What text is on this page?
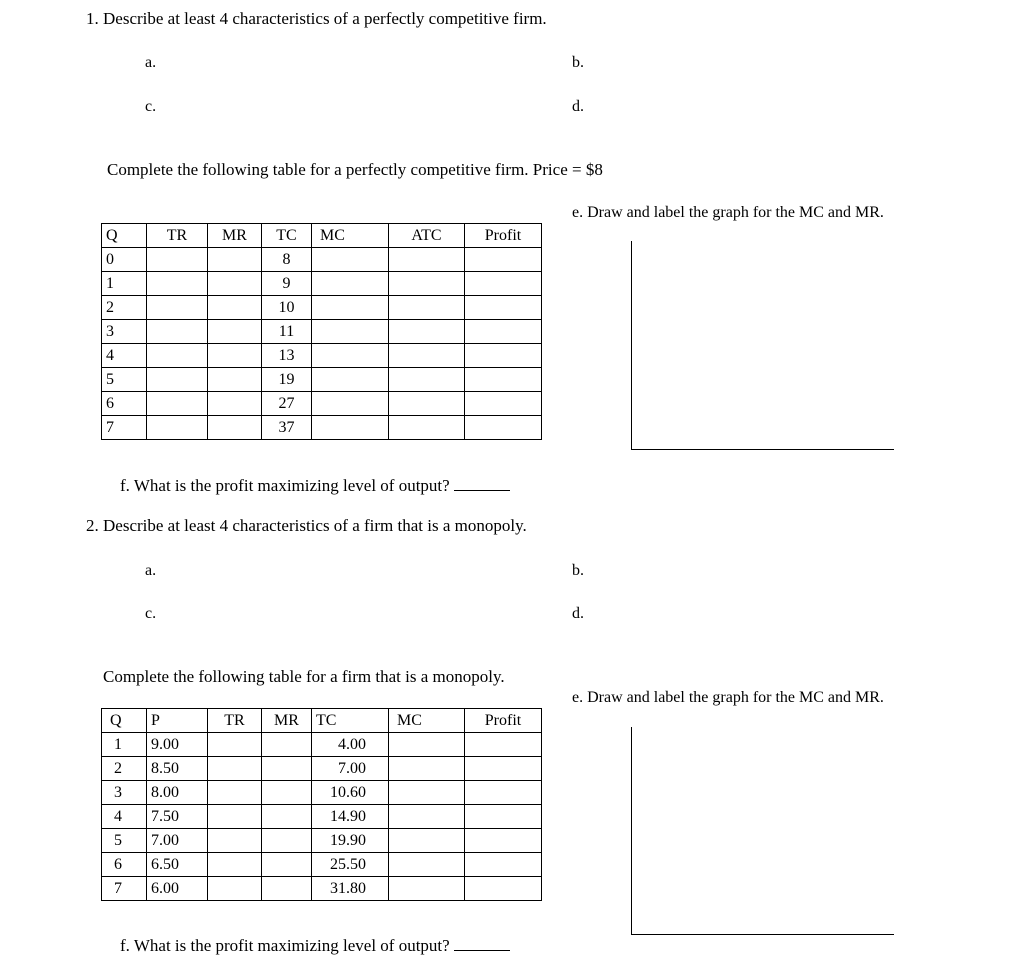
1. Describe at least 4 characteristics of a perfectly competitive firm.
a.	b.
c.	d.
Complete the following table for a perfectly competitive firm. Price = $8
e. Draw and label the graph for the MC and MR.
Q	TR	MR	TC	MC	ATC	Profit
0			8			
1			9			
2			10			
3			11			
4			13			
5			19			
6			27			
7			37			
f. What is the profit maximizing level of output?
2. Describe at least 4 characteristics of a firm that is a monopoly.
a.	b.
c.	d.
Complete the following table for a firm that is a monopoly.
e. Draw and label the graph for the MC and MR.
Q	P	TR	MR	TC	MC	Profit
1	9.00			4.00		
2	8.50			7.00		
3	8.00			10.60		
4	7.50			14.90		
5	7.00			19.90		
6	6.50			25.50		
7	6.00			31.80		
f. What is the profit maximizing level of output?
